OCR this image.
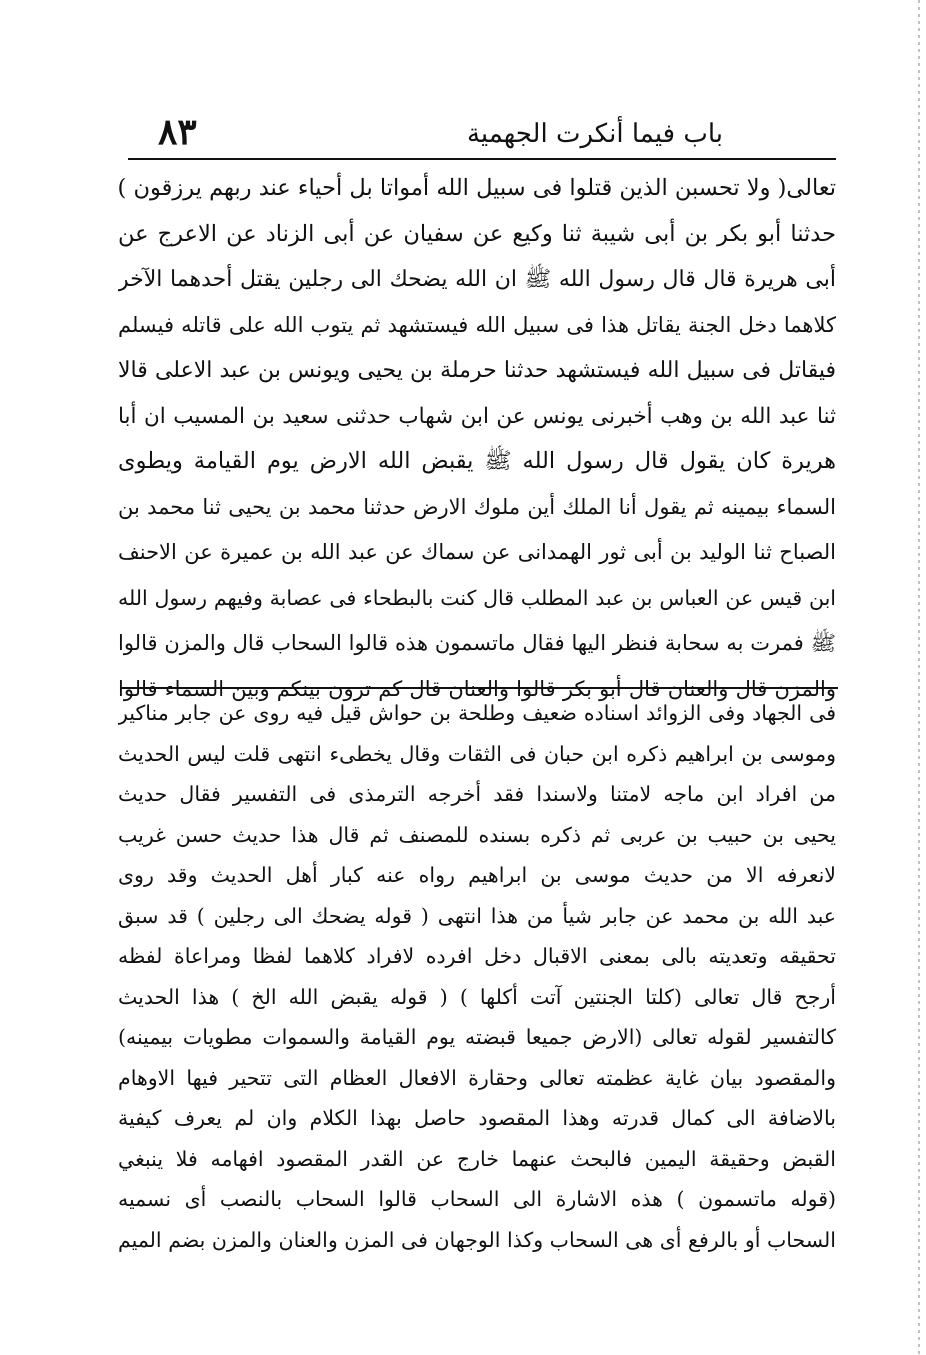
٨٣	باب فيما أنكرت الجهمية
تعالى( ولا تحسبن الذين قتلوا فى سبيل الله أمواتا بل أحياء عند ربهم يرزقون )
حدثنا أبو بكر بن أبى شيبة ثنا وكيع عن سفيان عن أبى الزناد عن الاعرج عن
أبى هريرة قال قال رسول الله ﷺ ان الله يضحك الى رجلين يقتل أحدهما الآخر
كلاهما دخل الجنة يقاتل هذا فى سبيل الله فيستشهد ثم يتوب الله على قاتله فيسلم
فيقاتل فى سبيل الله فيستشهد حدثنا حرملة بن يحيى ويونس بن عبد الاعلى قالا
ثنا عبد الله بن وهب أخبرنى يونس عن ابن شهاب حدثنى سعيد بن المسيب ان أبا
هريرة كان يقول قال رسول الله ﷺ يقبض الله الارض يوم القيامة ويطوى
السماء بيمينه ثم يقول أنا الملك أين ملوك الارض حدثنا محمد بن يحيى ثنا محمد بن
الصباح ثنا الوليد بن أبى ثور الهمدانى عن سماك عن عبد الله بن عميرة عن الاحنف
ابن قيس عن العباس بن عبد المطلب قال كنت بالبطحاء فى عصابة وفيهم رسول الله
ﷺ فمرت به سحابة فنظر اليها فقال ماتسمون هذه قالوا السحاب قال والمزن قالوا
والمزن قال والعنان قال أبو بكر قالوا والعنان قال كم ترون بينكم وبين السماء قالوا
فى الجهاد وفى الزوائد اسناده ضعيف وطلحة بن حواش قيل فيه روى عن جابر مناكير
وموسى بن ابراهيم ذكره ابن حبان فى الثقات وقال يخطىء انتهى قلت ليس الحديث
من افراد ابن ماجه لامتنا ولاسندا فقد أخرجه الترمذى فى التفسير فقال حديث
يحيى بن حبيب بن عربى ثم ذكره بسنده للمصنف ثم قال هذا حديث حسن غريب
لانعرفه الا من حديث موسى بن ابراهيم رواه عنه كبار أهل الحديث وقد روى
عبد الله بن محمد عن جابر شيأ من هذا انتهى ( قوله يضحك الى رجلين ) قد سبق
تحقيقه وتعديته بالى بمعنى الاقبال دخل افرده لافراد كلاهما لفظا ومراعاة لفظه
أرجح قال تعالى (كلتا الجنتين آتت أكلها ) ( قوله يقبض الله الخ ) هذا الحديث
كالتفسير لقوله تعالى (الارض جميعا قبضته يوم القيامة والسموات مطويات بيمينه)
والمقصود بيان غاية عظمته تعالى وحقارة الافعال العظام التى تتحير فيها الاوهام
بالاضافة الى كمال قدرته وهذا المقصود حاصل بهذا الكلام وان لم يعرف كيفية
القبض وحقيقة اليمين فالبحث عنهما خارج عن القدر المقصود افهامه فلا ينبغي
(قوله ماتسمون ) هذه الاشارة الى السحاب قالوا السحاب بالنصب أى نسميه
السحاب أو بالرفع أى هى السحاب وكذا الوجهان فى المزن والعنان والمزن بضم الميم
